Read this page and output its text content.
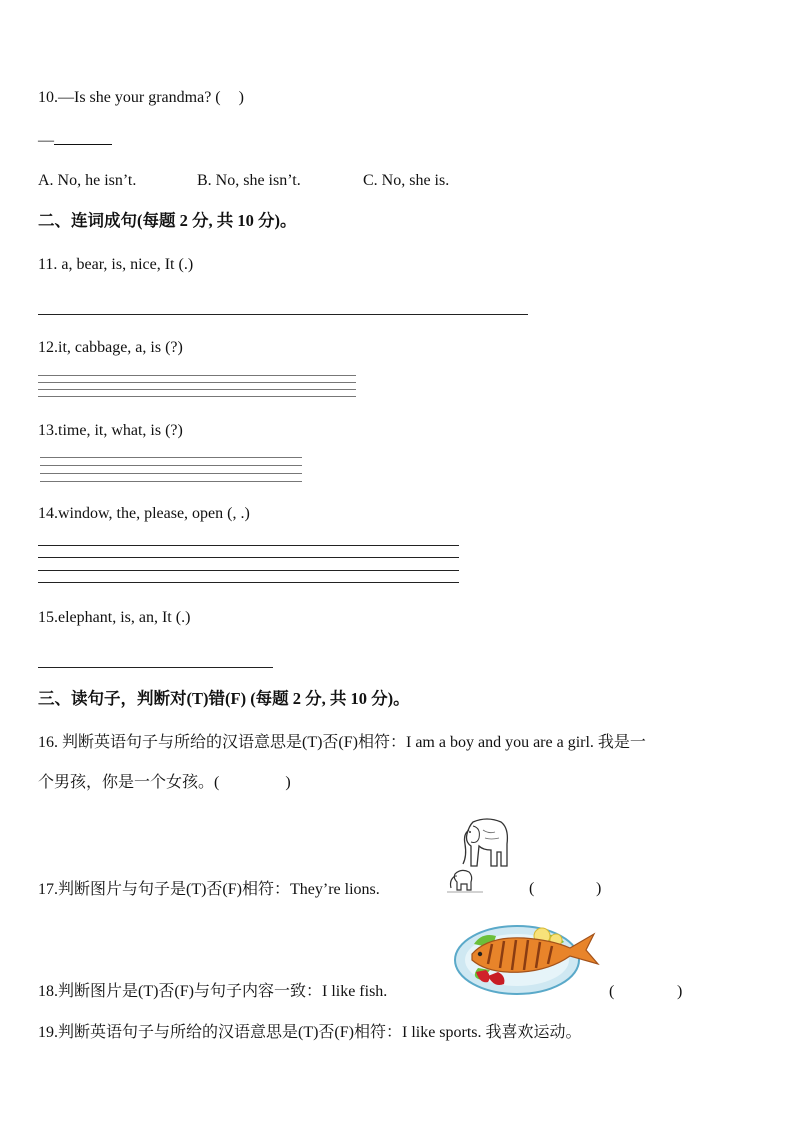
10.—Is she your grandma? ( )
—
A. No, he isn’t.	B. No, she isn’t.	C. No, she is.
二、连词成句(每题 2 分, 共 10 分)。
11. a, bear, is, nice, It (.)
12.it, cabbage, a, is (?)
13.time, it, what, is (?)
14.window, the, please, open (, .)
15.elephant, is, an, It (.)
三、读句子，判断对(T)错(F) (每题 2 分, 共 10 分)。
16. 判断英语句子与所给的汉语意思是(T)否(F)相符：I am a boy and you are a girl. 我是一
个男孩，你是一个女孩。(	)
17.判断图片与句子是(T)否(F)相符：They’re lions.	(	)
18.判断图片是(T)否(F)与句子内容一致：I like fish.	(	)
19.判断英语句子与所给的汉语意思是(T)否(F)相符：I like sports. 我喜欢运动。
